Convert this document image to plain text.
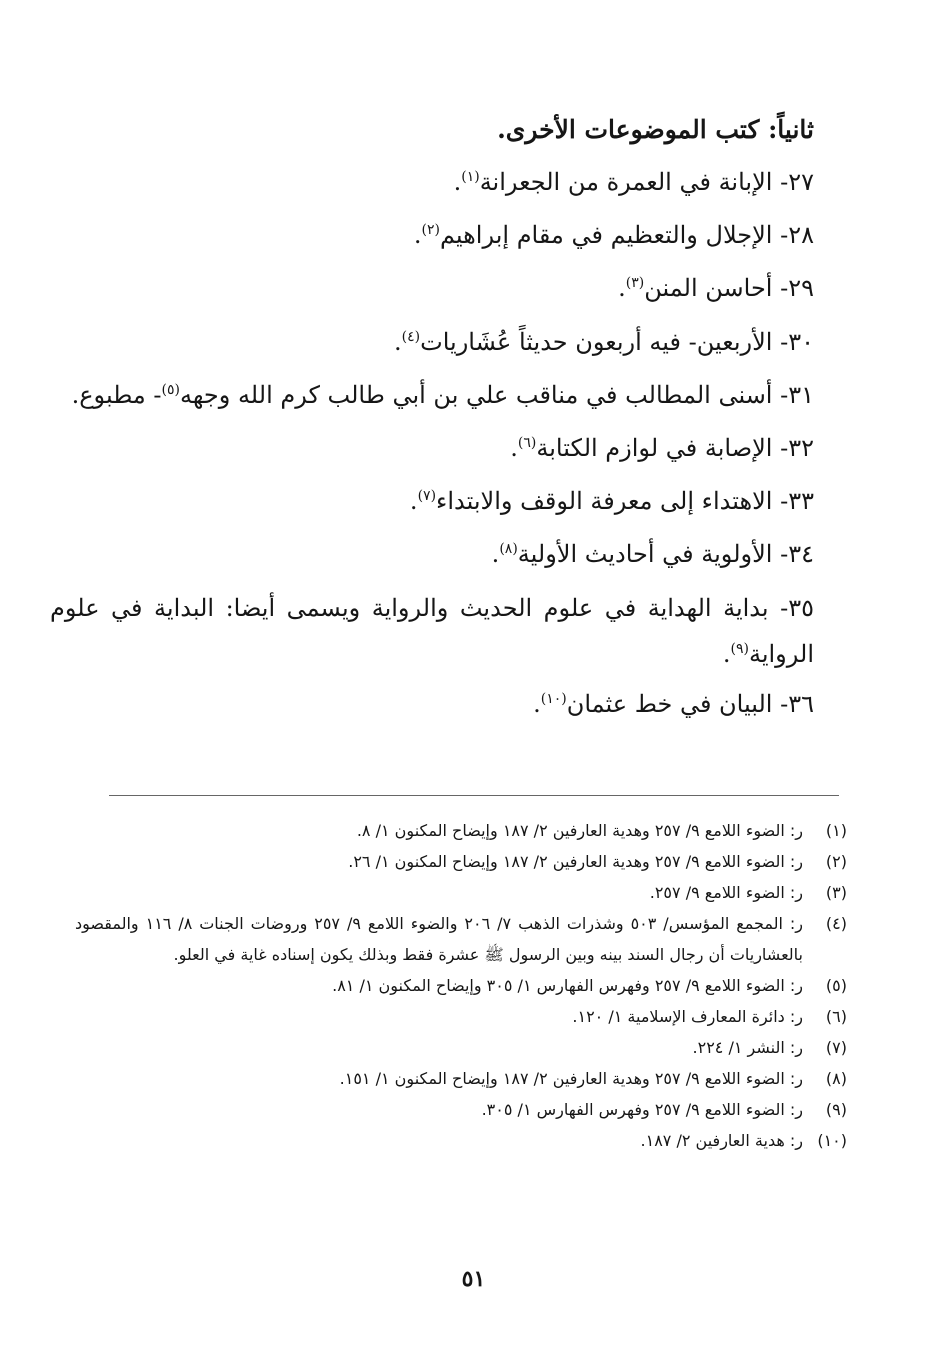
ثانياً: كتب الموضوعات الأخرى.
٢٧- الإبانة في العمرة من الجعرانة$^{(١)}$.
٢٨- الإجلال والتعظيم في مقام إبراهيم$^{(٢)}$.
٢٩- أحاسن المنن$^{(٣)}$.
٣٠- الأربعين- فيه أربعون حديثاً عُشَاريات$^{(٤)}$.
٣١- أسنى المطالب في مناقب علي بن أبي طالب كرم الله وجهه$^{(٥)}$- مطبوع.
٣٢- الإصابة في لوازم الكتابة$^{(٦)}$.
٣٣- الاهتداء إلى معرفة الوقف والابتداء$^{(٧)}$.
٣٤- الأولوية في أحاديث الأولية$^{(٨)}$.
٣٥- بداية الهداية في علوم الحديث والرواية ويسمى أيضا: البداية في علوم الرواية$^{(٩)}$.
٣٦- البيان في خط عثمان$^{(١٠)}$.
(١)
ر: الضوء اللامع ٩/ ٢٥٧ وهدية العارفين ٢/ ١٨٧ وإيضاح المكنون ١/ ٨.
(٢)
ر: الضوء اللامع ٩/ ٢٥٧ وهدية العارفين ٢/ ١٨٧ وإيضاح المكنون ١/ ٢٦.
(٣)
ر: الضوء اللامع ٩/ ٢٥٧.
(٤)
ر: المجمع المؤسس/ ٥٠٣ وشذرات الذهب ٧/ ٢٠٦ والضوء اللامع ٩/ ٢٥٧ وروضات الجنات ٨/ ١١٦ والمقصود بالعشاريات أن رجال السند بينه وبين الرسول ﷺ عشرة فقط وبذلك يكون إسناده غاية في العلو.
(٥)
ر: الضوء اللامع ٩/ ٢٥٧ وفهرس الفهارس ١/ ٣٠٥ وإيضاح المكنون ١/ ٨١.
(٦)
ر: دائرة المعارف الإسلامية ١/ ١٢٠.
(٧)
ر: النشر ١/ ٢٢٤.
(٨)
ر: الضوء اللامع ٩/ ٢٥٧ وهدية العارفين ٢/ ١٨٧ وإيضاح المكنون ١/ ١٥١.
(٩)
ر: الضوء اللامع ٩/ ٢٥٧ وفهرس الفهارس ١/ ٣٠٥.
(١٠)
ر: هدية العارفين ٢/ ١٨٧.
٥١
